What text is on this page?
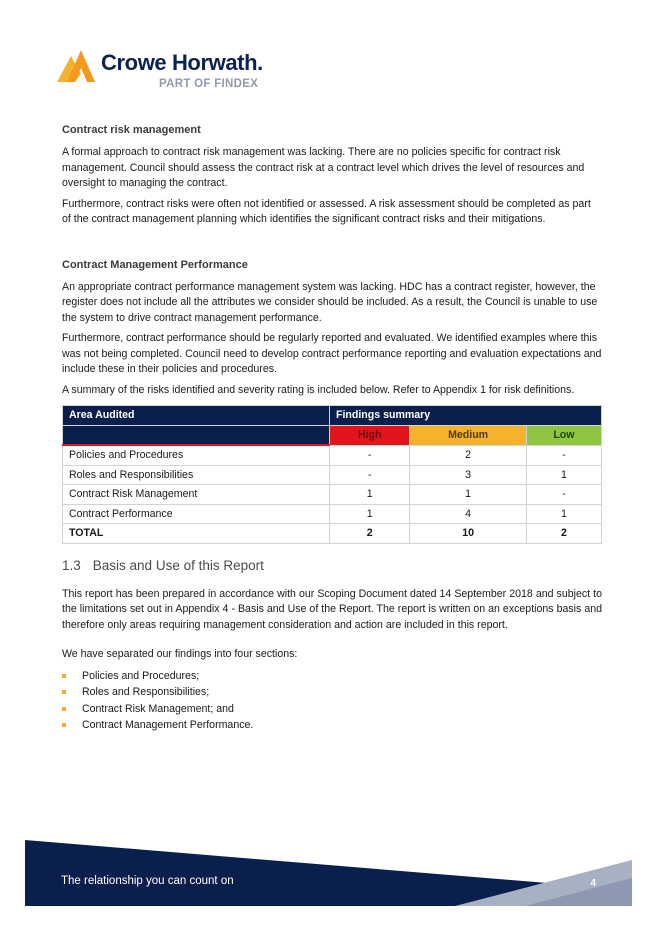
Crowe Horwath.
PART OF FINDEX
Contract risk management

A formal approach to contract risk management was lacking. There are no policies specific for contract risk management. Council should assess the contract risk at a contract level which drives the level of resources and oversight to managing the contract.

Furthermore, contract risks were often not identified or assessed. A risk assessment should be completed as part of the contract management planning which identifies the significant contract risks and their mitigations.

Contract Management Performance

An appropriate contract performance management system was lacking. HDC has a contract register, however, the register does not include all the attributes we consider should be included. As a result, the Council is unable to use the system to drive contract management performance.

Furthermore, contract performance should be regularly reported and evaluated. We identified examples where this was not being completed. Council need to develop contract performance reporting and evaluation expectations and include these in their policies and procedures.

A summary of the risks identified and severity rating is included below. Refer to Appendix 1 for risk definitions.

Area Audited	Findings summary		
	High	Medium	Low
Policies and Procedures	-	2	-
Roles and Responsibilities	-	3	1
Contract Risk Management	1	1	-
Contract Performance	1	4	1
TOTAL	2	10	2
1.3 Basis and Use of this Report

This report has been prepared in accordance with our Scoping Document dated 14 September 2018 and subject to the limitations set out in Appendix 4 - Basis and Use of the Report. The report is written on an exceptions basis and therefore only areas requiring management consideration and action are included in this report.

We have separated our findings into four sections:

Policies and Procedures;
Roles and Responsibilities;
Contract Risk Management; and
Contract Management Performance.
The relationship you can count on	4
